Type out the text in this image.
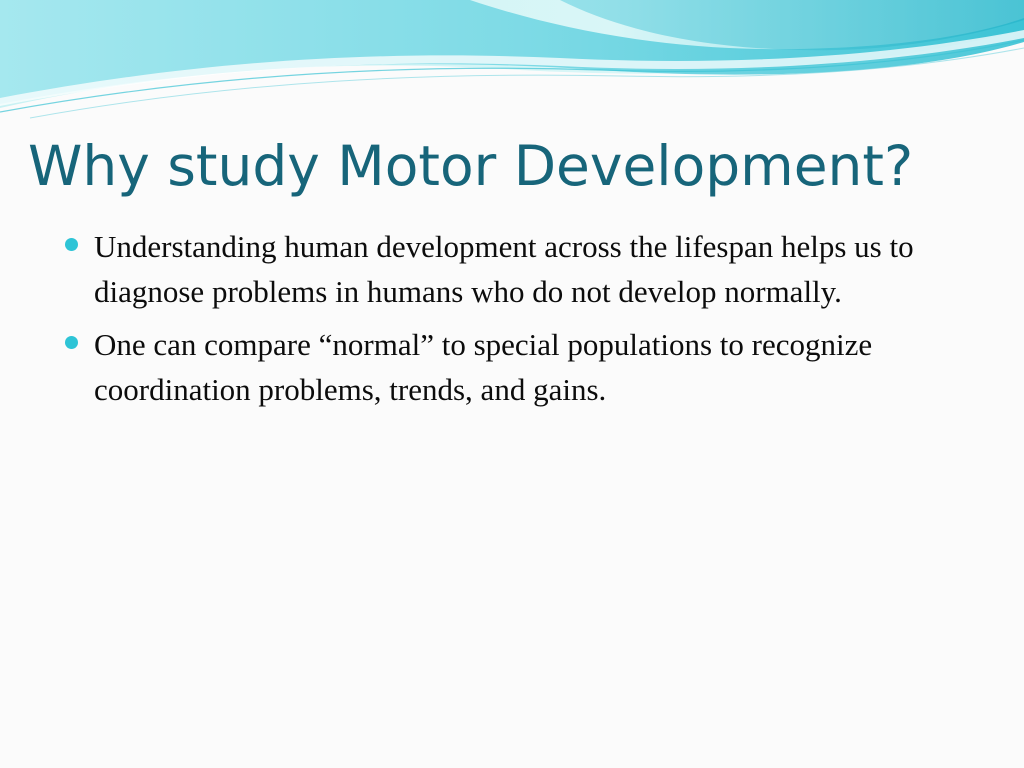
Why study Motor Development?
Understanding human development across the lifespan helps us to diagnose problems in humans who do not develop normally.
One can compare “normal” to special populations to recognize coordination problems, trends, and gains.
